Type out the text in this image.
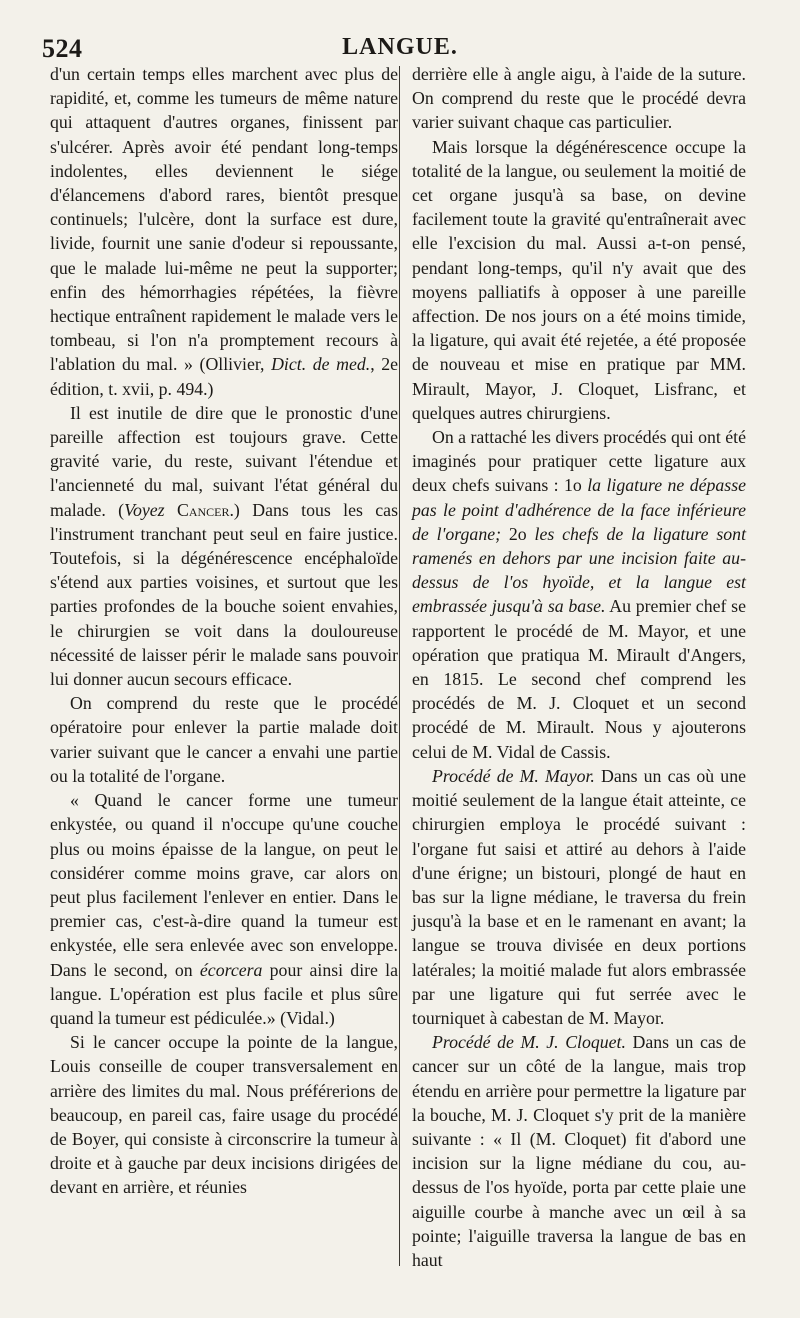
524	LANGUE.

d'un certain temps elles marchent avec plus de rapidité, et, comme les tumeurs de même nature qui attaquent d'autres organes, finissent par s'ulcérer. Après avoir été pendant long-temps indolentes, elles deviennent le siége d'élancemens d'abord rares, bientôt presque continuels; l'ulcère, dont la surface est dure, livide, fournit une sanie d'odeur si repoussante, que le malade lui-même ne peut la supporter; enfin des hémorrhagies répétées, la fièvre hectique entraînent rapidement le malade vers le tombeau, si l'on n'a promptement recours à l'ablation du mal. » (Ollivier, Dict. de med., 2e édition, t. xvii, p. 494.)

Il est inutile de dire que le pronostic d'une pareille affection est toujours grave. Cette gravité varie, du reste, suivant l'étendue et l'ancienneté du mal, suivant l'état général du malade. (Voyez Cancer.) Dans tous les cas l'instrument tranchant peut seul en faire justice. Toutefois, si la dégénérescence encéphaloïde s'étend aux parties voisines, et surtout que les parties profondes de la bouche soient envahies, le chirurgien se voit dans la douloureuse nécessité de laisser périr le malade sans pouvoir lui donner aucun secours efficace.

On comprend du reste que le procédé opératoire pour enlever la partie malade doit varier suivant que le cancer a envahi une partie ou la totalité de l'organe.

« Quand le cancer forme une tumeur enkystée, ou quand il n'occupe qu'une couche plus ou moins épaisse de la langue, on peut le considérer comme moins grave, car alors on peut plus facilement l'enlever en entier. Dans le premier cas, c'est-à-dire quand la tumeur est enkystée, elle sera enlevée avec son enveloppe. Dans le second, on écorcera pour ainsi dire la langue. L'opération est plus facile et plus sûre quand la tumeur est pédiculée.» (Vidal.)

Si le cancer occupe la pointe de la langue, Louis conseille de couper transversalement en arrière des limites du mal. Nous préférerions de beaucoup, en pareil cas, faire usage du procédé de Boyer, qui consiste à circonscrire la tumeur à droite et à gauche par deux incisions dirigées de devant en arrière, et réunies

derrière elle à angle aigu, à l'aide de la suture. On comprend du reste que le procédé devra varier suivant chaque cas particulier.

Mais lorsque la dégénérescence occupe la totalité de la langue, ou seulement la moitié de cet organe jusqu'à sa base, on devine facilement toute la gravité qu'entraînerait avec elle l'excision du mal. Aussi a-t-on pensé, pendant long-temps, qu'il n'y avait que des moyens palliatifs à opposer à une pareille affection. De nos jours on a été moins timide, la ligature, qui avait été rejetée, a été proposée de nouveau et mise en pratique par MM. Mirault, Mayor, J. Cloquet, Lisfranc, et quelques autres chirurgiens.

On a rattaché les divers procédés qui ont été imaginés pour pratiquer cette ligature aux deux chefs suivans : 1o la ligature ne dépasse pas le point d'adhérence de la face inférieure de l'organe; 2o les chefs de la ligature sont ramenés en dehors par une incision faite au-dessus de l'os hyoïde, et la langue est embrassée jusqu'à sa base. Au premier chef se rapportent le procédé de M. Mayor, et une opération que pratiqua M. Mirault d'Angers, en 1815. Le second chef comprend les procédés de M. J. Cloquet et un second procédé de M. Mirault. Nous y ajouterons celui de M. Vidal de Cassis.

Procédé de M. Mayor. Dans un cas où une moitié seulement de la langue était atteinte, ce chirurgien employa le procédé suivant : l'organe fut saisi et attiré au dehors à l'aide d'une érigne; un bistouri, plongé de haut en bas sur la ligne médiane, le traversa du frein jusqu'à la base et en le ramenant en avant; la langue se trouva divisée en deux portions latérales; la moitié malade fut alors embrassée par une ligature qui fut serrée avec le tourniquet à cabestan de M. Mayor.

Procédé de M. J. Cloquet. Dans un cas de cancer sur un côté de la langue, mais trop étendu en arrière pour permettre la ligature par la bouche, M. J. Cloquet s'y prit de la manière suivante : « Il (M. Cloquet) fit d'abord une incision sur la ligne médiane du cou, au-dessus de l'os hyoïde, porta par cette plaie une aiguille courbe à manche avec un œil à sa pointe; l'aiguille traversa la langue de bas en haut
